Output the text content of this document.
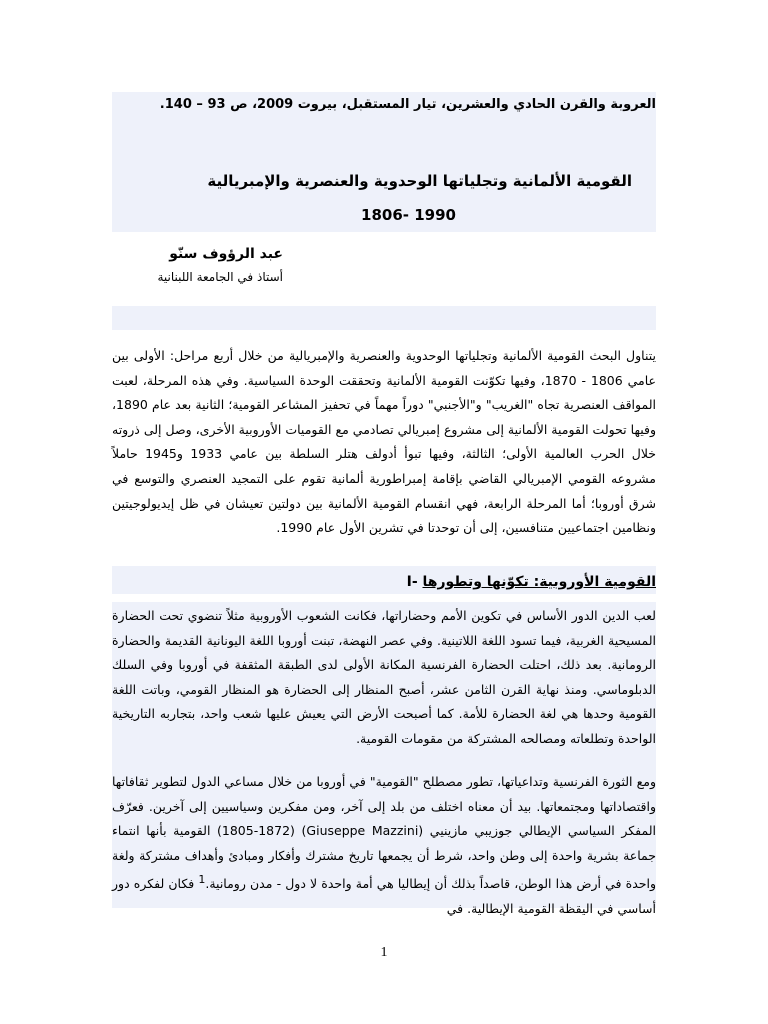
العروبة والقرن الحادي والعشرين، تيار المستقبل، بيروت 2009، ص 93 – 140.
القومية الألمانية وتجلياتها الوحدوية والعنصرية والإمبريالية
1806- 1990
عبد الرؤوف سنّو
أستاذ في الجامعة اللبنانية
يتناول البحث القومية الألمانية وتجلياتها الوحدوية والعنصرية والإمبريالية من خلال أربع مراحل: الأولى بين عامي 1806 - 1870، وفيها تكوّنت القومية الألمانية وتحققت الوحدة السياسية. وفي هذه المرحلة، لعبت المواقف العنصرية تجاه "الغريب" و"الأجنبي" دوراً مهماً في تحفيز المشاعر القومية؛ الثانية بعد عام 1890، وفيها تحولت القومية الألمانية إلى مشروع إمبريالي تصادمي مع القوميات الأوروبية الأخرى، وصل إلى ذروته خلال الحرب العالمية الأولى؛ الثالثة، وفيها تبوأ أدولف هتلر السلطة بين عامي 1933 و1945 حاملاً مشروعه القومي الإمبريالي القاضي بإقامة إمبراطورية ألمانية تقوم على التمجيد العنصري والتوسع في شرق أوروبا؛ أما المرحلة الرابعة، فهي انقسام القومية الألمانية بين دولتين تعيشان في ظل إيديولوجيتين ونظامين اجتماعيين متنافسين، إلى أن توحدتا في تشرين الأول عام 1990.
I- القومية الأوروبية: تكوّنها وتطورها
لعب الدين الدور الأساس في تكوين الأمم وحضاراتها، فكانت الشعوب الأوروبية مثلاً تنضوي تحت الحضارة المسيحية الغربية، فيما تسود اللغة اللاتينية. وفي عصر النهضة، تبنت أوروبا اللغة اليونانية القديمة والحضارة الرومانية. بعد ذلك، احتلت الحضارة الفرنسية المكانة الأولى لدى الطبقة المثقفة في أوروبا وفي السلك الدبلوماسي. ومنذ نهاية القرن الثامن عشر، أصبح المنظار إلى الحضارة هو المنظار القومي، وباتت اللغة القومية وحدها هي لغة الحضارة للأمة. كما أصبحت الأرض التي يعيش عليها شعب واحد، بتجاربه التاريخية الواحدة وتطلعاته ومصالحه المشتركة من مقومات القومية.
ومع الثورة الفرنسية وتداعياتها، تطور مصطلح "القومية" في أوروبا من خلال مساعي الدول لتطوير ثقافاتها واقتصاداتها ومجتمعاتها. بيد أن معناه اختلف من بلد إلى آخر، ومن مفكرين وسياسيين إلى آخرين. فعرّف المفكر السياسي الإيطالي جوزيبي مازينيي (Giuseppe Mazzini) (1805-1872) القومية بأنها انتماء جماعة بشرية واحدة إلى وطن واحد، شرط أن يجمعها تاريخ مشترك وأفكار ومبادئ وأهداف مشتركة ولغة واحدة في أرض هذا الوطن، قاصداً بذلك أن إيطاليا هي أمة واحدة لا دول - مدن رومانية.1 فكان لفكره دور أساسي في اليقظة القومية الإيطالية. في
1
